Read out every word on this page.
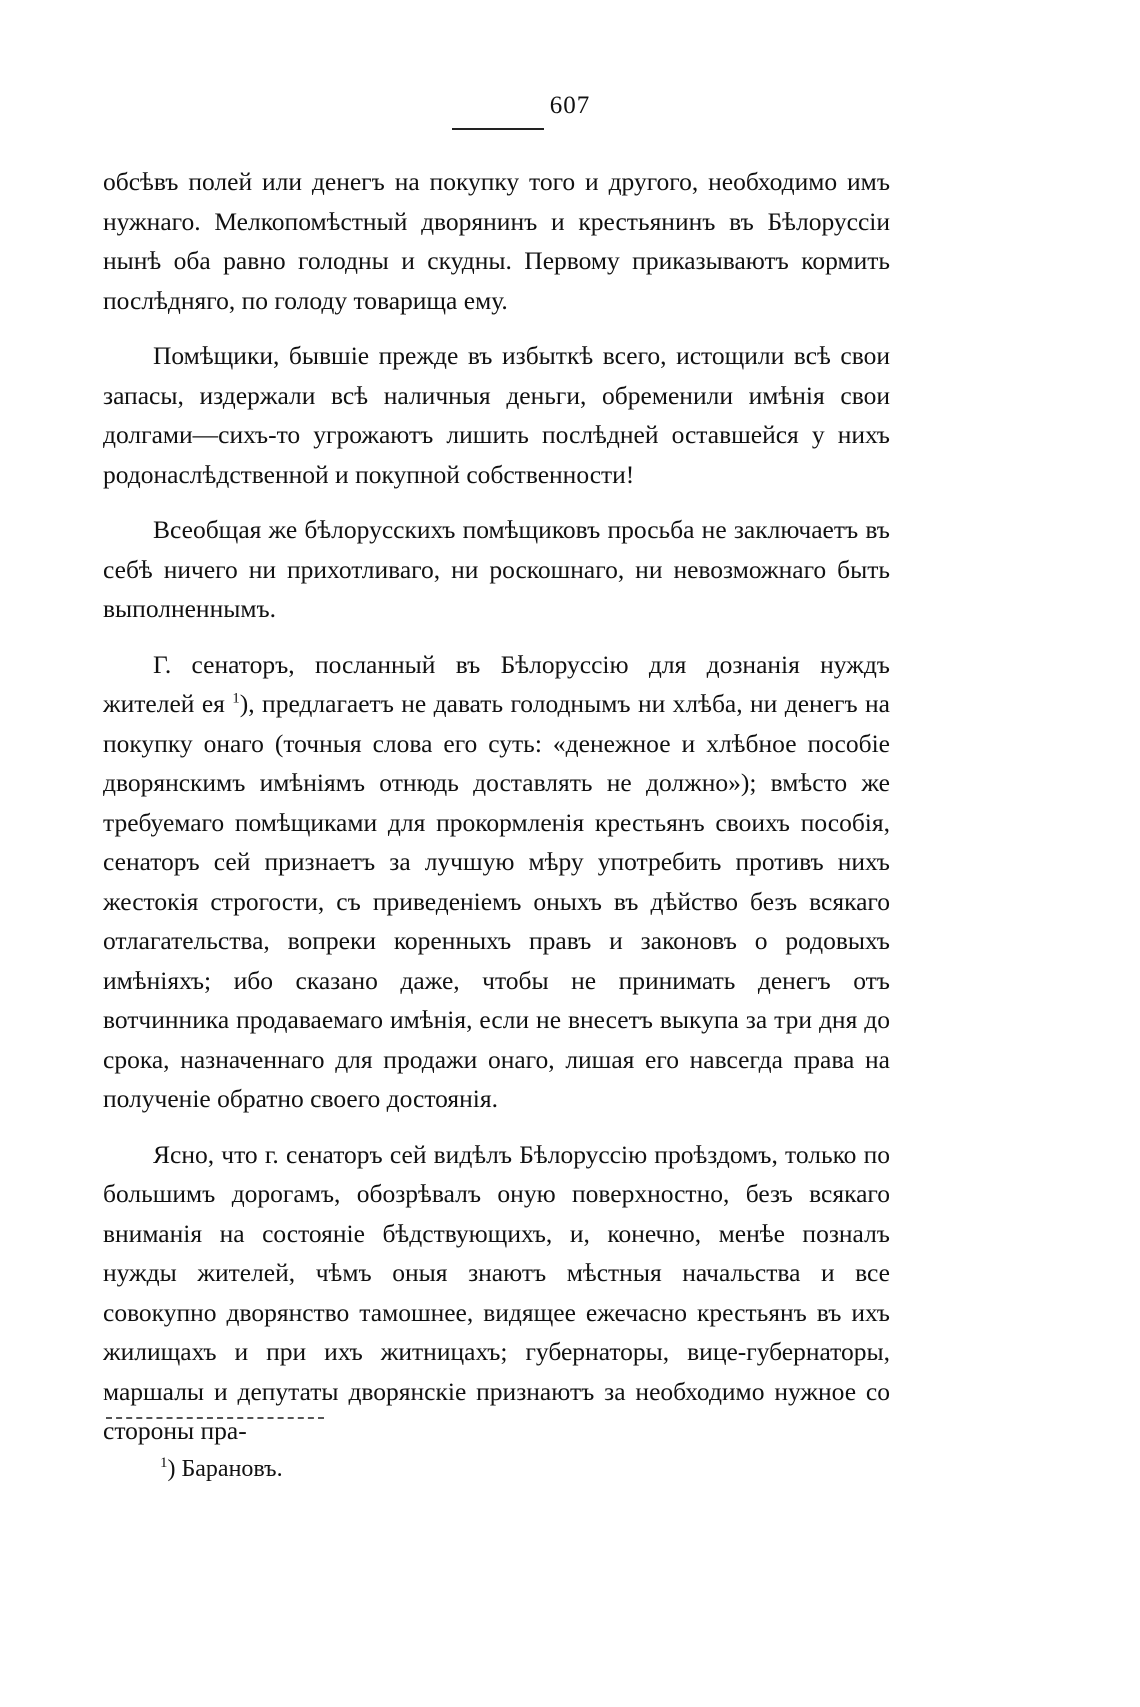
607

обсѣвъ полей или денегъ на покупку того и другого, необходимо имъ нужнаго. Мелкопомѣстный дворянинъ и крестьянинъ въ Бѣлоруссіи нынѣ оба равно голодны и скудны. Первому приказываютъ кормить послѣдняго, по голоду товарища ему.

Помѣщики, бывшіе прежде въ избыткѣ всего, истощили всѣ свои запасы, издержали всѣ наличныя деньги, обременили имѣнія свои долгами—сихъ-то угрожаютъ лишить послѣдней оставшейся у нихъ родонаслѣдственной и покупной собственности!

Всеобщая же бѣлорусскихъ помѣщиковъ просьба не заключаетъ въ себѣ ничего ни прихотливаго, ни роскошнаго, ни невозможнаго быть выполненнымъ.

Г. сенаторъ, посланный въ Бѣлоруссію для дознанія нуждъ жителей ея $^1$), предлагаетъ не давать голоднымъ ни хлѣба, ни денегъ на покупку онаго (точныя слова его суть: «денежное и хлѣбное пособіе дворянскимъ имѣніямъ отнюдь доставлять не должно»); вмѣсто же требуемаго помѣщиками для прокормленія крестьянъ своихъ пособія, сенаторъ сей признаетъ за лучшую мѣру употребить противъ нихъ жестокія строгости, съ приведеніемъ оныхъ въ дѣйство безъ всякаго отлагательства, вопреки коренныхъ правъ и законовъ о родовыхъ имѣніяхъ; ибо сказано даже, чтобы не принимать денегъ отъ вотчинника продаваемаго имѣнія, если не внесетъ выкупа за три дня до срока, назначеннаго для продажи онаго, лишая его навсегда права на полученіе обратно своего достоянія.

Ясно, что г. сенаторъ сей видѣлъ Бѣлоруссію проѣздомъ, только по большимъ дорогамъ, обозрѣвалъ оную поверхностно, безъ всякаго вниманія на состояніе бѣдствующихъ, и, конечно, менѣе позналъ нужды жителей, чѣмъ оныя знаютъ мѣстныя начальства и все совокупно дворянство тамошнее, видящее ежечасно крестьянъ въ ихъ жилищахъ и при ихъ житницахъ; губернаторы, вице-губернаторы, маршалы и депутаты дворянскіе признаютъ за необходимо нужное со стороны пра-

$^1$) Барановъ.
